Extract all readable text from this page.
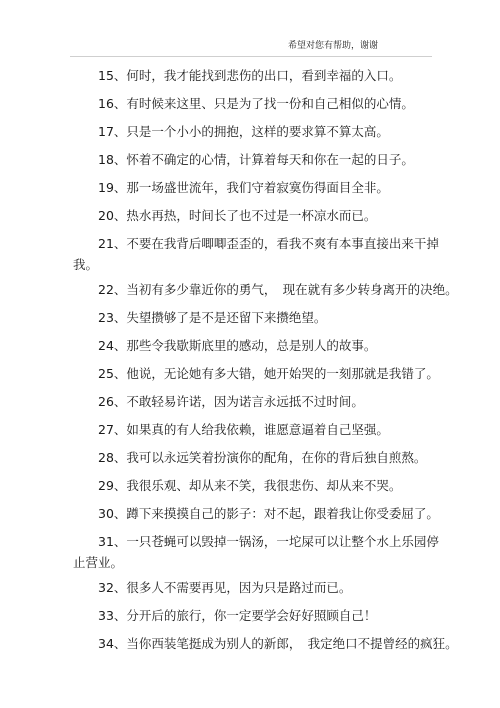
希望对您有帮助，谢谢
15、何时，我才能找到悲伤的出口，看到幸福的入口。
16、有时候来这里、只是为了找一份和自己相似的心情。
17、只是一个小小的拥抱，这样的要求算不算太高。
18、怀着不确定的心情，计算着每天和你在一起的日子。
19、那一场盛世流年，我们守着寂寞伤得面目全非。
20、热水再热，时间长了也不过是一杯凉水而已。
21、不要在我背后唧唧歪歪的，看我不爽有本事直接出来干掉
我。
22、当初有多少靠近你的勇气，　现在就有多少转身离开的决绝。
23、失望攒够了是不是还留下来攒绝望。
24、那些令我歇斯底里的感动，总是别人的故事。
25、他说，无论她有多大错，她开始哭的一刻那就是我错了。
26、不敢轻易许诺，因为诺言永远抵不过时间。
27、如果真的有人给我依赖，谁愿意逼着自己坚强。
28、我可以永远笑着扮演你的配角，在你的背后独自煎熬。
29、我很乐观、却从来不笑，我很悲伤、却从来不哭。
30、蹲下来摸摸自己的影子：对不起，跟着我让你受委屈了。
31、一只苍蝇可以毁掉一锅汤，一坨屎可以让整个水上乐园停
止营业。
32、很多人不需要再见，因为只是路过而已。
33、分开后的旅行，你一定要学会好好照顾自己！
34、当你西装笔挺成为别人的新郎，　我定绝口不提曾经的疯狂。
